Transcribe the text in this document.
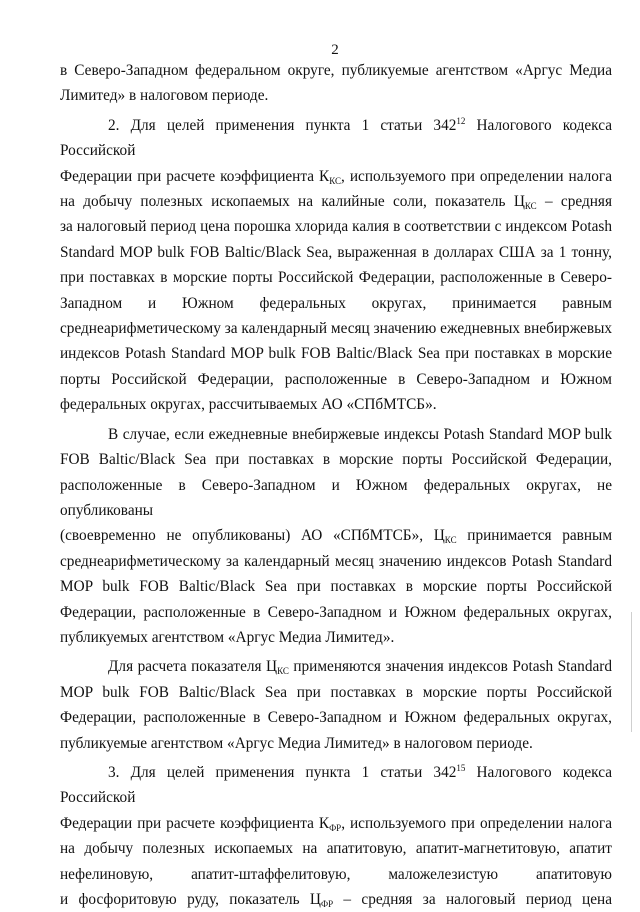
2

в Северо-Западном федеральном округе, публикуемые агентством «Аргус Медиа

Лимитед» в налоговом периоде.

2. Для целей применения пункта 1 статьи $342^{12}$ Налогового кодекса Российской

Федерации при расчете коэффициента $К_{КС}$, используемого при определении налога

на добычу полезных ископаемых на калийные соли, показатель $Ц_{КС}$ – средняя

за налоговый период цена порошка хлорида калия в соответствии с индексом Potash

Standard MOP bulk FOB Baltic/Black Sea, выраженная в долларах США за 1 тонну,

при поставках в морские порты Российской Федерации, расположенные в Северо-

Западном и Южном федеральных округах, принимается равным

среднеарифметическому за календарный месяц значению ежедневных внебиржевых

индексов Potash Standard MOP bulk FOB Baltic/Black Sea при поставках в морские

порты Российской Федерации, расположенные в Северо-Западном и Южном

федеральных округах, рассчитываемых АО «СПбМТСБ».

В случае, если ежедневные внебиржевые индексы Potash Standard MOP bulk

FOB Baltic/Black Sea при поставках в морские порты Российской Федерации,

расположенные в Северо-Западном и Южном федеральных округах, не опубликованы

(своевременно не опубликованы) АО «СПбМТСБ», $Ц_{КС}$ принимается равным

среднеарифметическому за календарный месяц значению индексов Potash Standard

MOP bulk FOB Baltic/Black Sea при поставках в морские порты Российской

Федерации, расположенные в Северо-Западном и Южном федеральных округах,

публикуемых агентством «Аргус Медиа Лимитед».

Для расчета показателя $Ц_{КС}$ применяются значения индексов Potash Standard

MOP bulk FOB Baltic/Black Sea при поставках в морские порты Российской

Федерации, расположенные в Северо-Западном и Южном федеральных округах,

публикуемые агентством «Аргус Медиа Лимитед» в налоговом периоде.

3. Для целей применения пункта 1 статьи $342^{15}$ Налогового кодекса Российской

Федерации при расчете коэффициента $К_{ФР}$, используемого при определении налога

на добычу полезных ископаемых на апатитовую, апатит-магнетитовую, апатит

нефелиновую, апатит-штаффелитовую, маложелезистую апатитовую

и фосфоритовую руду, показатель $Ц_{ФР}$ – средняя за налоговый период цена
